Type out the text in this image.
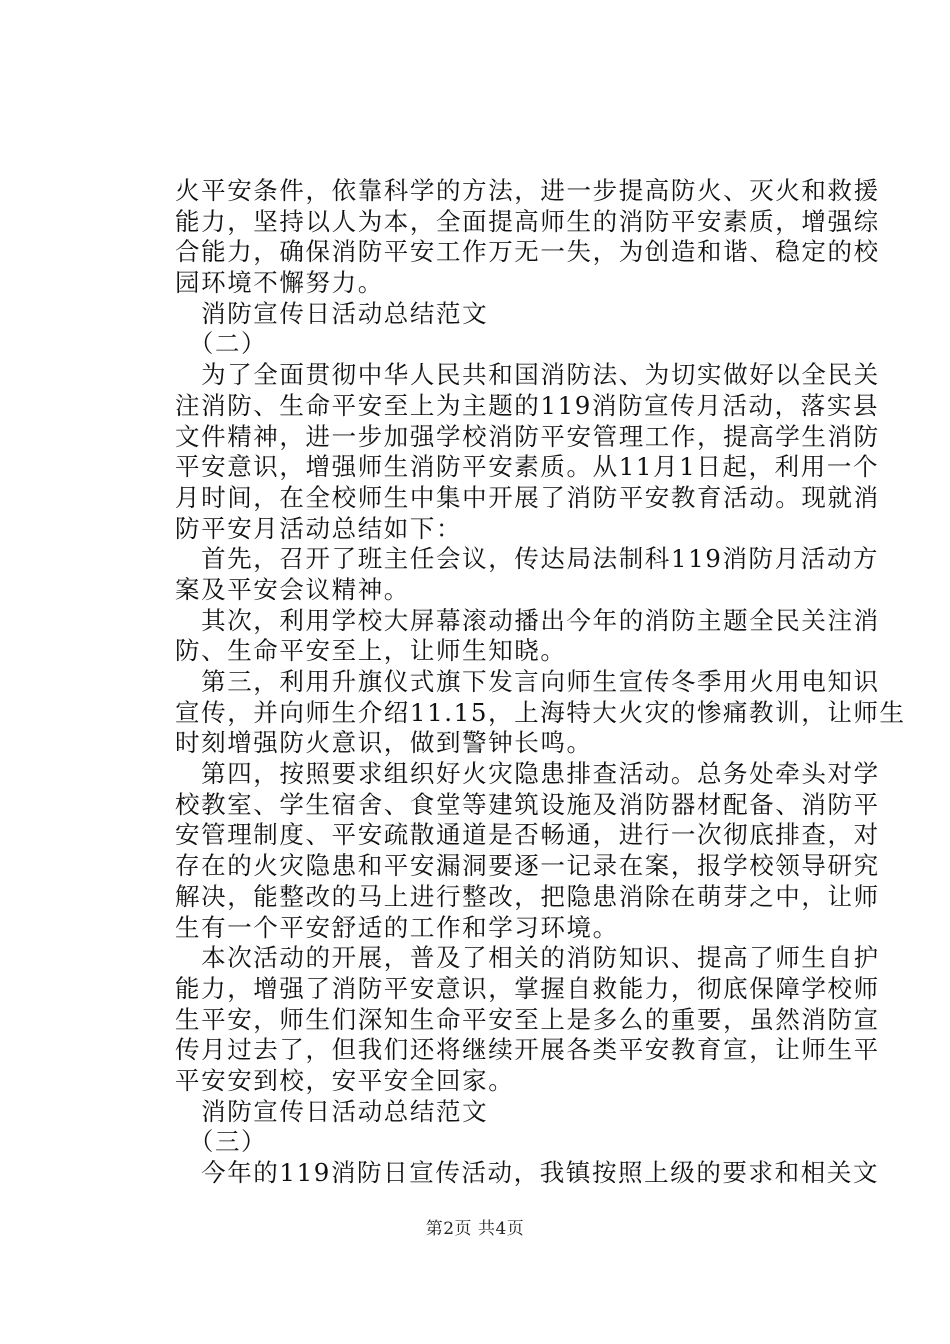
火平安条件，依靠科学的方法，进一步提高防火、灭火和救援
能力，坚持以人为本，全面提高师生的消防平安素质，增强综
合能力，确保消防平安工作万无一失，为创造和谐、稳定的校
园环境不懈努力。
　消防宣传日活动总结范文
　（二）
　为了全面贯彻中华人民共和国消防法、为切实做好以全民关
注消防、生命平安至上为主题的119消防宣传月活动，落实县
文件精神，进一步加强学校消防平安管理工作，提高学生消防
平安意识，增强师生消防平安素质。从11月1日起，利用一个
月时间，在全校师生中集中开展了消防平安教育活动。现就消
防平安月活动总结如下：
　首先，召开了班主任会议，传达局法制科119消防月活动方
案及平安会议精神。
　其次，利用学校大屏幕滚动播出今年的消防主题全民关注消
防、生命平安至上，让师生知晓。
　第三，利用升旗仪式旗下发言向师生宣传冬季用火用电知识
宣传，并向师生介绍11.15，上海特大火灾的惨痛教训，让师生
时刻增强防火意识，做到警钟长鸣。
　第四，按照要求组织好火灾隐患排查活动。总务处牵头对学
校教室、学生宿舍、食堂等建筑设施及消防器材配备、消防平
安管理制度、平安疏散通道是否畅通，进行一次彻底排查，对
存在的火灾隐患和平安漏洞要逐一记录在案，报学校领导研究
解决，能整改的马上进行整改，把隐患消除在萌芽之中，让师
生有一个平安舒适的工作和学习环境。
　本次活动的开展，普及了相关的消防知识、提高了师生自护
能力，增强了消防平安意识，掌握自救能力，彻底保障学校师
生平安，师生们深知生命平安至上是多么的重要，虽然消防宣
传月过去了，但我们还将继续开展各类平安教育宣，让师生平
平安安到校，安平安全回家。
　消防宣传日活动总结范文
　（三）
　今年的119消防日宣传活动，我镇按照上级的要求和相关文
第2页 共4页
